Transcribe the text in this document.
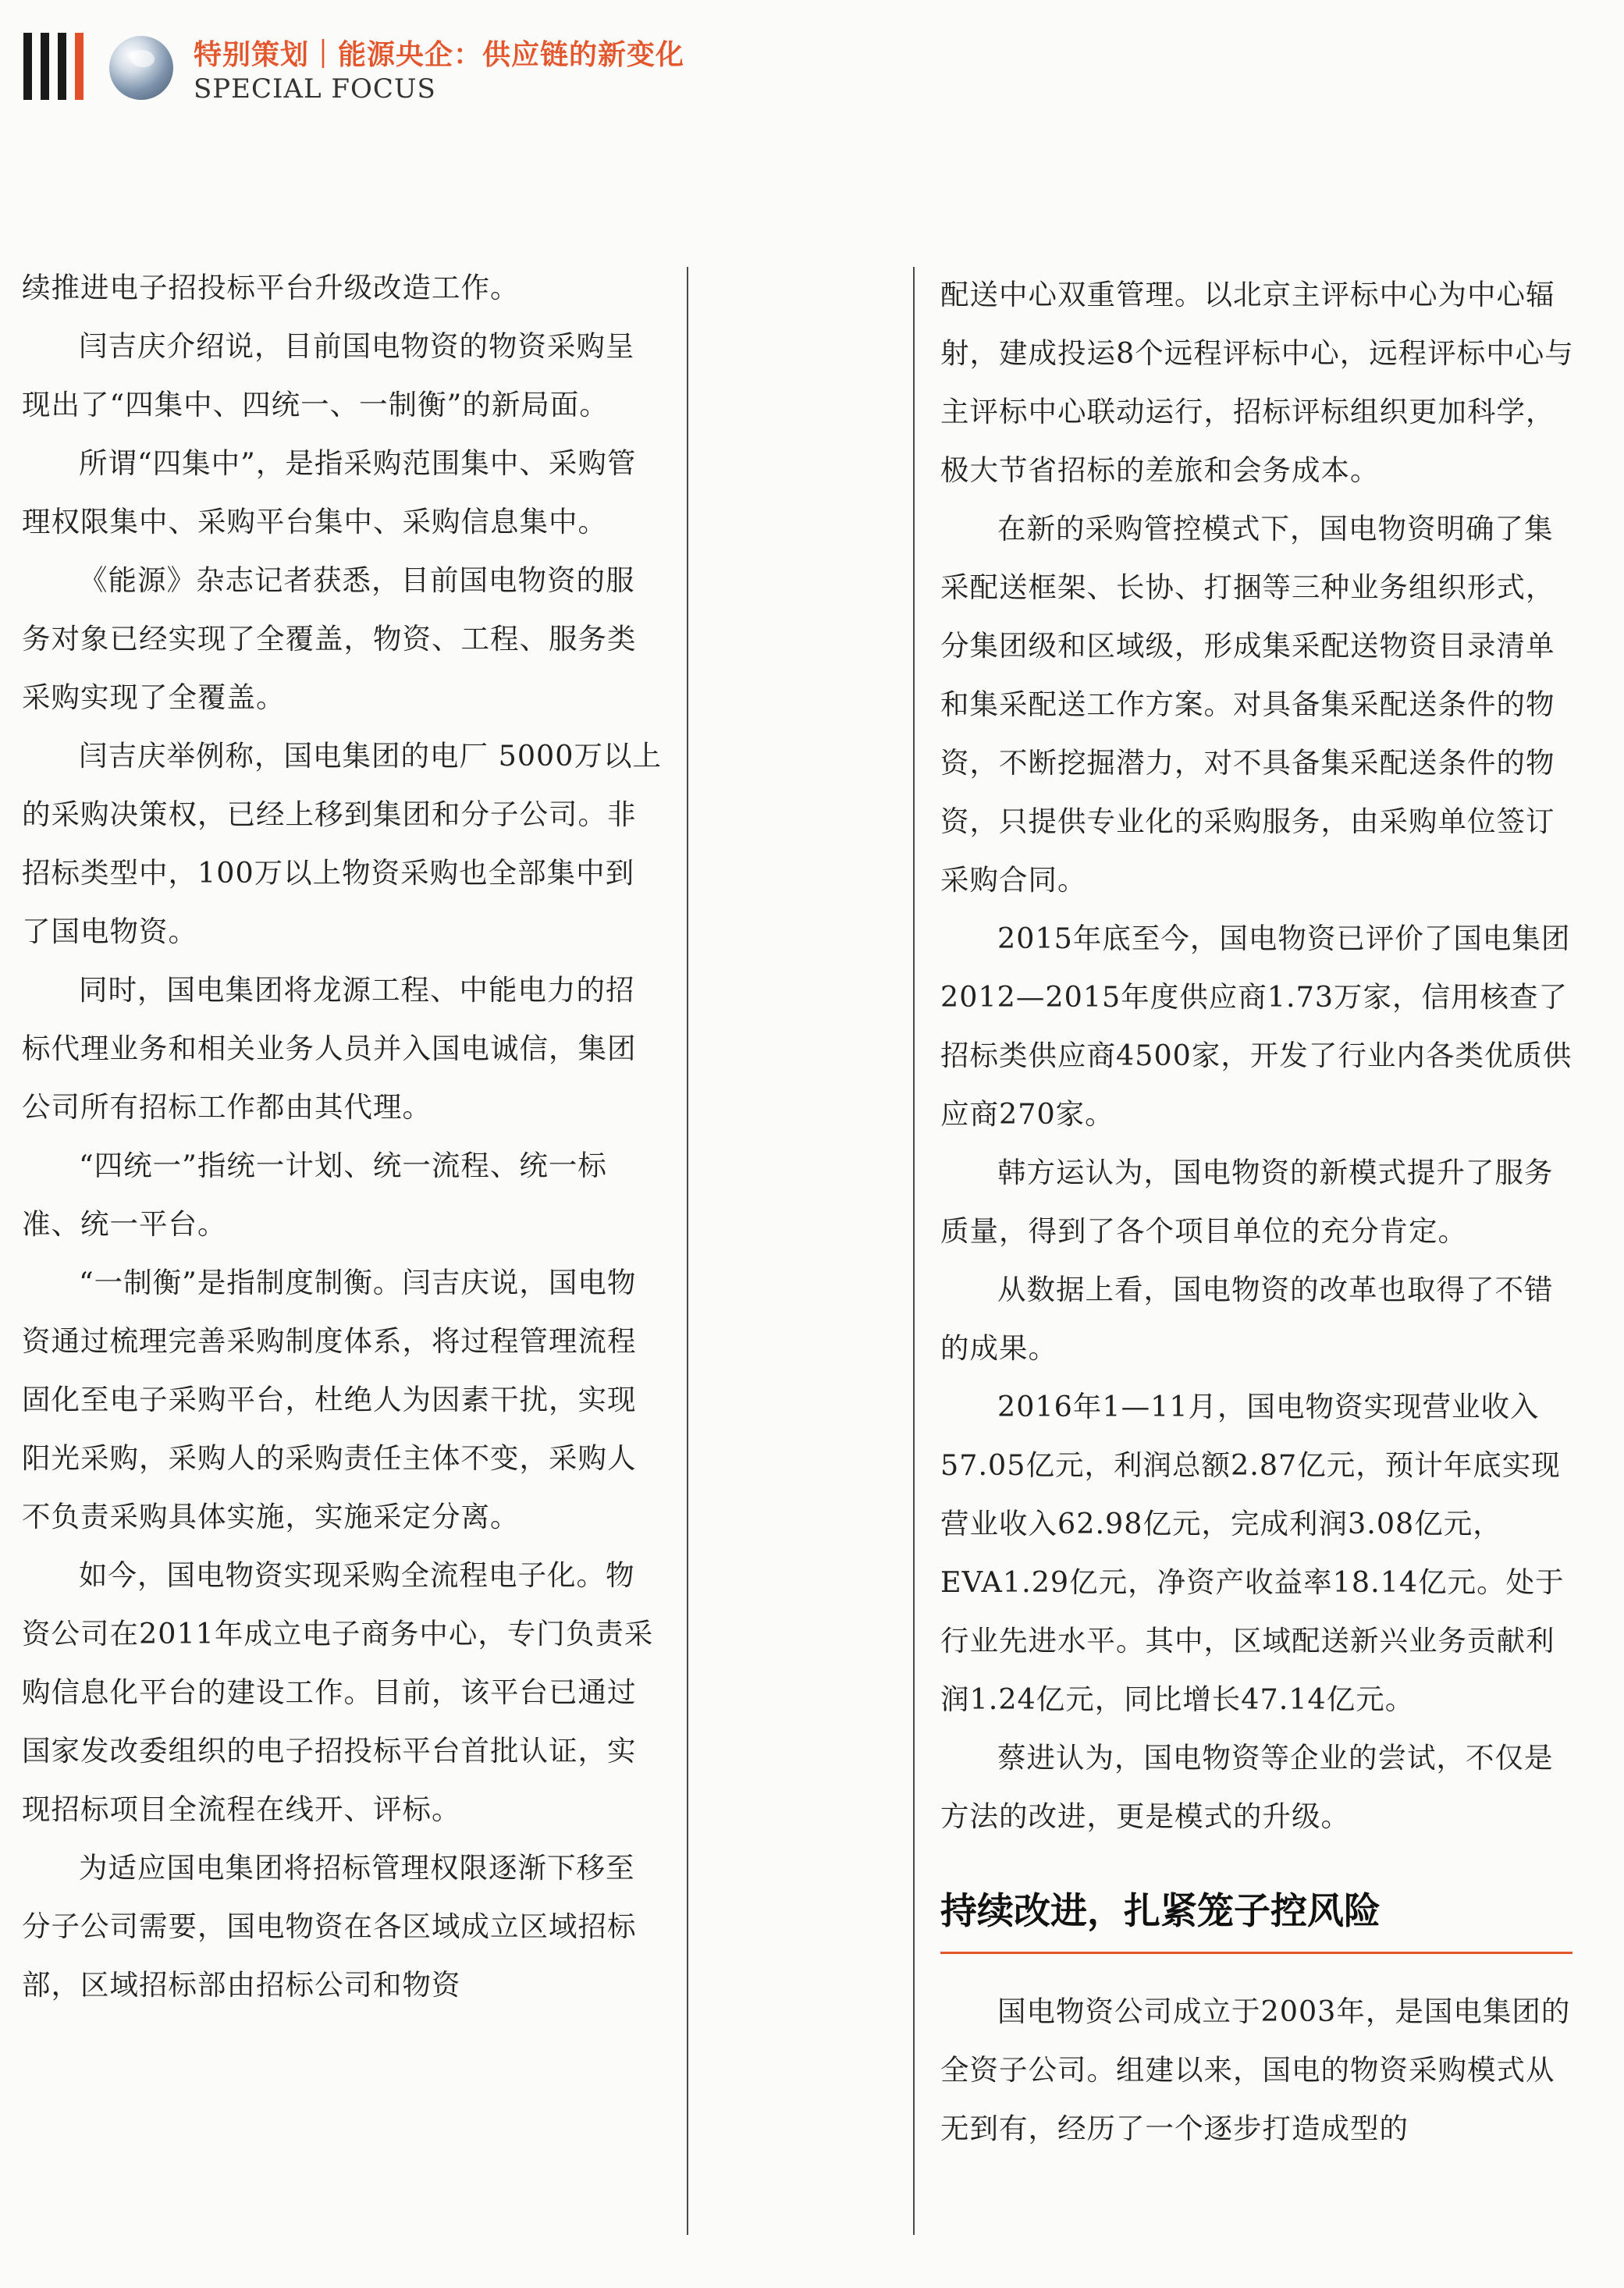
特别策划｜能源央企：供应链的新变化
SPECIAL FOCUS

续推进电子招投标平台升级改造工作。

闫吉庆介绍说，目前国电物资的物资采购呈现出了“四集中、四统一、一制衡”的新局面。

所谓“四集中”，是指采购范围集中、采购管理权限集中、采购平台集中、采购信息集中。

《能源》杂志记者获悉，目前国电物资的服务对象已经实现了全覆盖，物资、工程、服务类采购实现了全覆盖。

闫吉庆举例称，国电集团的电厂 5000万以上的采购决策权，已经上移到集团和分子公司。非招标类型中，100万以上物资采购也全部集中到了国电物资。

同时，国电集团将龙源工程、中能电力的招标代理业务和相关业务人员并入国电诚信，集团公司所有招标工作都由其代理。

“四统一”指统一计划、统一流程、统一标准、统一平台。

“一制衡”是指制度制衡。闫吉庆说，国电物资通过梳理完善采购制度体系，将过程管理流程固化至电子采购平台，杜绝人为因素干扰，实现阳光采购，采购人的采购责任主体不变，采购人不负责采购具体实施，实施采定分离。

如今，国电物资实现采购全流程电子化。物资公司在2011年成立电子商务中心，专门负责采购信息化平台的建设工作。目前，该平台已通过国家发改委组织的电子招投标平台首批认证，实现招标项目全流程在线开、评标。

为适应国电集团将招标管理权限逐渐下移至分子公司需要，国电物资在各区域成立区域招标部，区域招标部由招标公司和物资

配送中心双重管理。以北京主评标中心为中心辐射，建成投运8个远程评标中心，远程评标中心与主评标中心联动运行，招标评标组织更加科学，极大节省招标的差旅和会务成本。

在新的采购管控模式下，国电物资明确了集采配送框架、长协、打捆等三种业务组织形式，分集团级和区域级，形成集采配送物资目录清单和集采配送工作方案。对具备集采配送条件的物资，不断挖掘潜力，对不具备集采配送条件的物资，只提供专业化的采购服务，由采购单位签订采购合同。

2015年底至今，国电物资已评价了国电集团2012—2015年度供应商1.73万家，信用核查了招标类供应商4500家，开发了行业内各类优质供应商270家。

韩方运认为，国电物资的新模式提升了服务质量，得到了各个项目单位的充分肯定。

从数据上看，国电物资的改革也取得了不错的成果。

2016年1—11月，国电物资实现营业收入57.05亿元，利润总额2.87亿元，预计年底实现营业收入62.98亿元，完成利润3.08亿元，EVA1.29亿元，净资产收益率18.14亿元。处于行业先进水平。其中，区域配送新兴业务贡献利润1.24亿元，同比增长47.14亿元。

蔡进认为，国电物资等企业的尝试，不仅是方法的改进，更是模式的升级。

持续改进，扎紧笼子控风险

国电物资公司成立于2003年，是国电集团的全资子公司。组建以来，国电的物资采购模式从无到有，经历了一个逐步打造成型的
